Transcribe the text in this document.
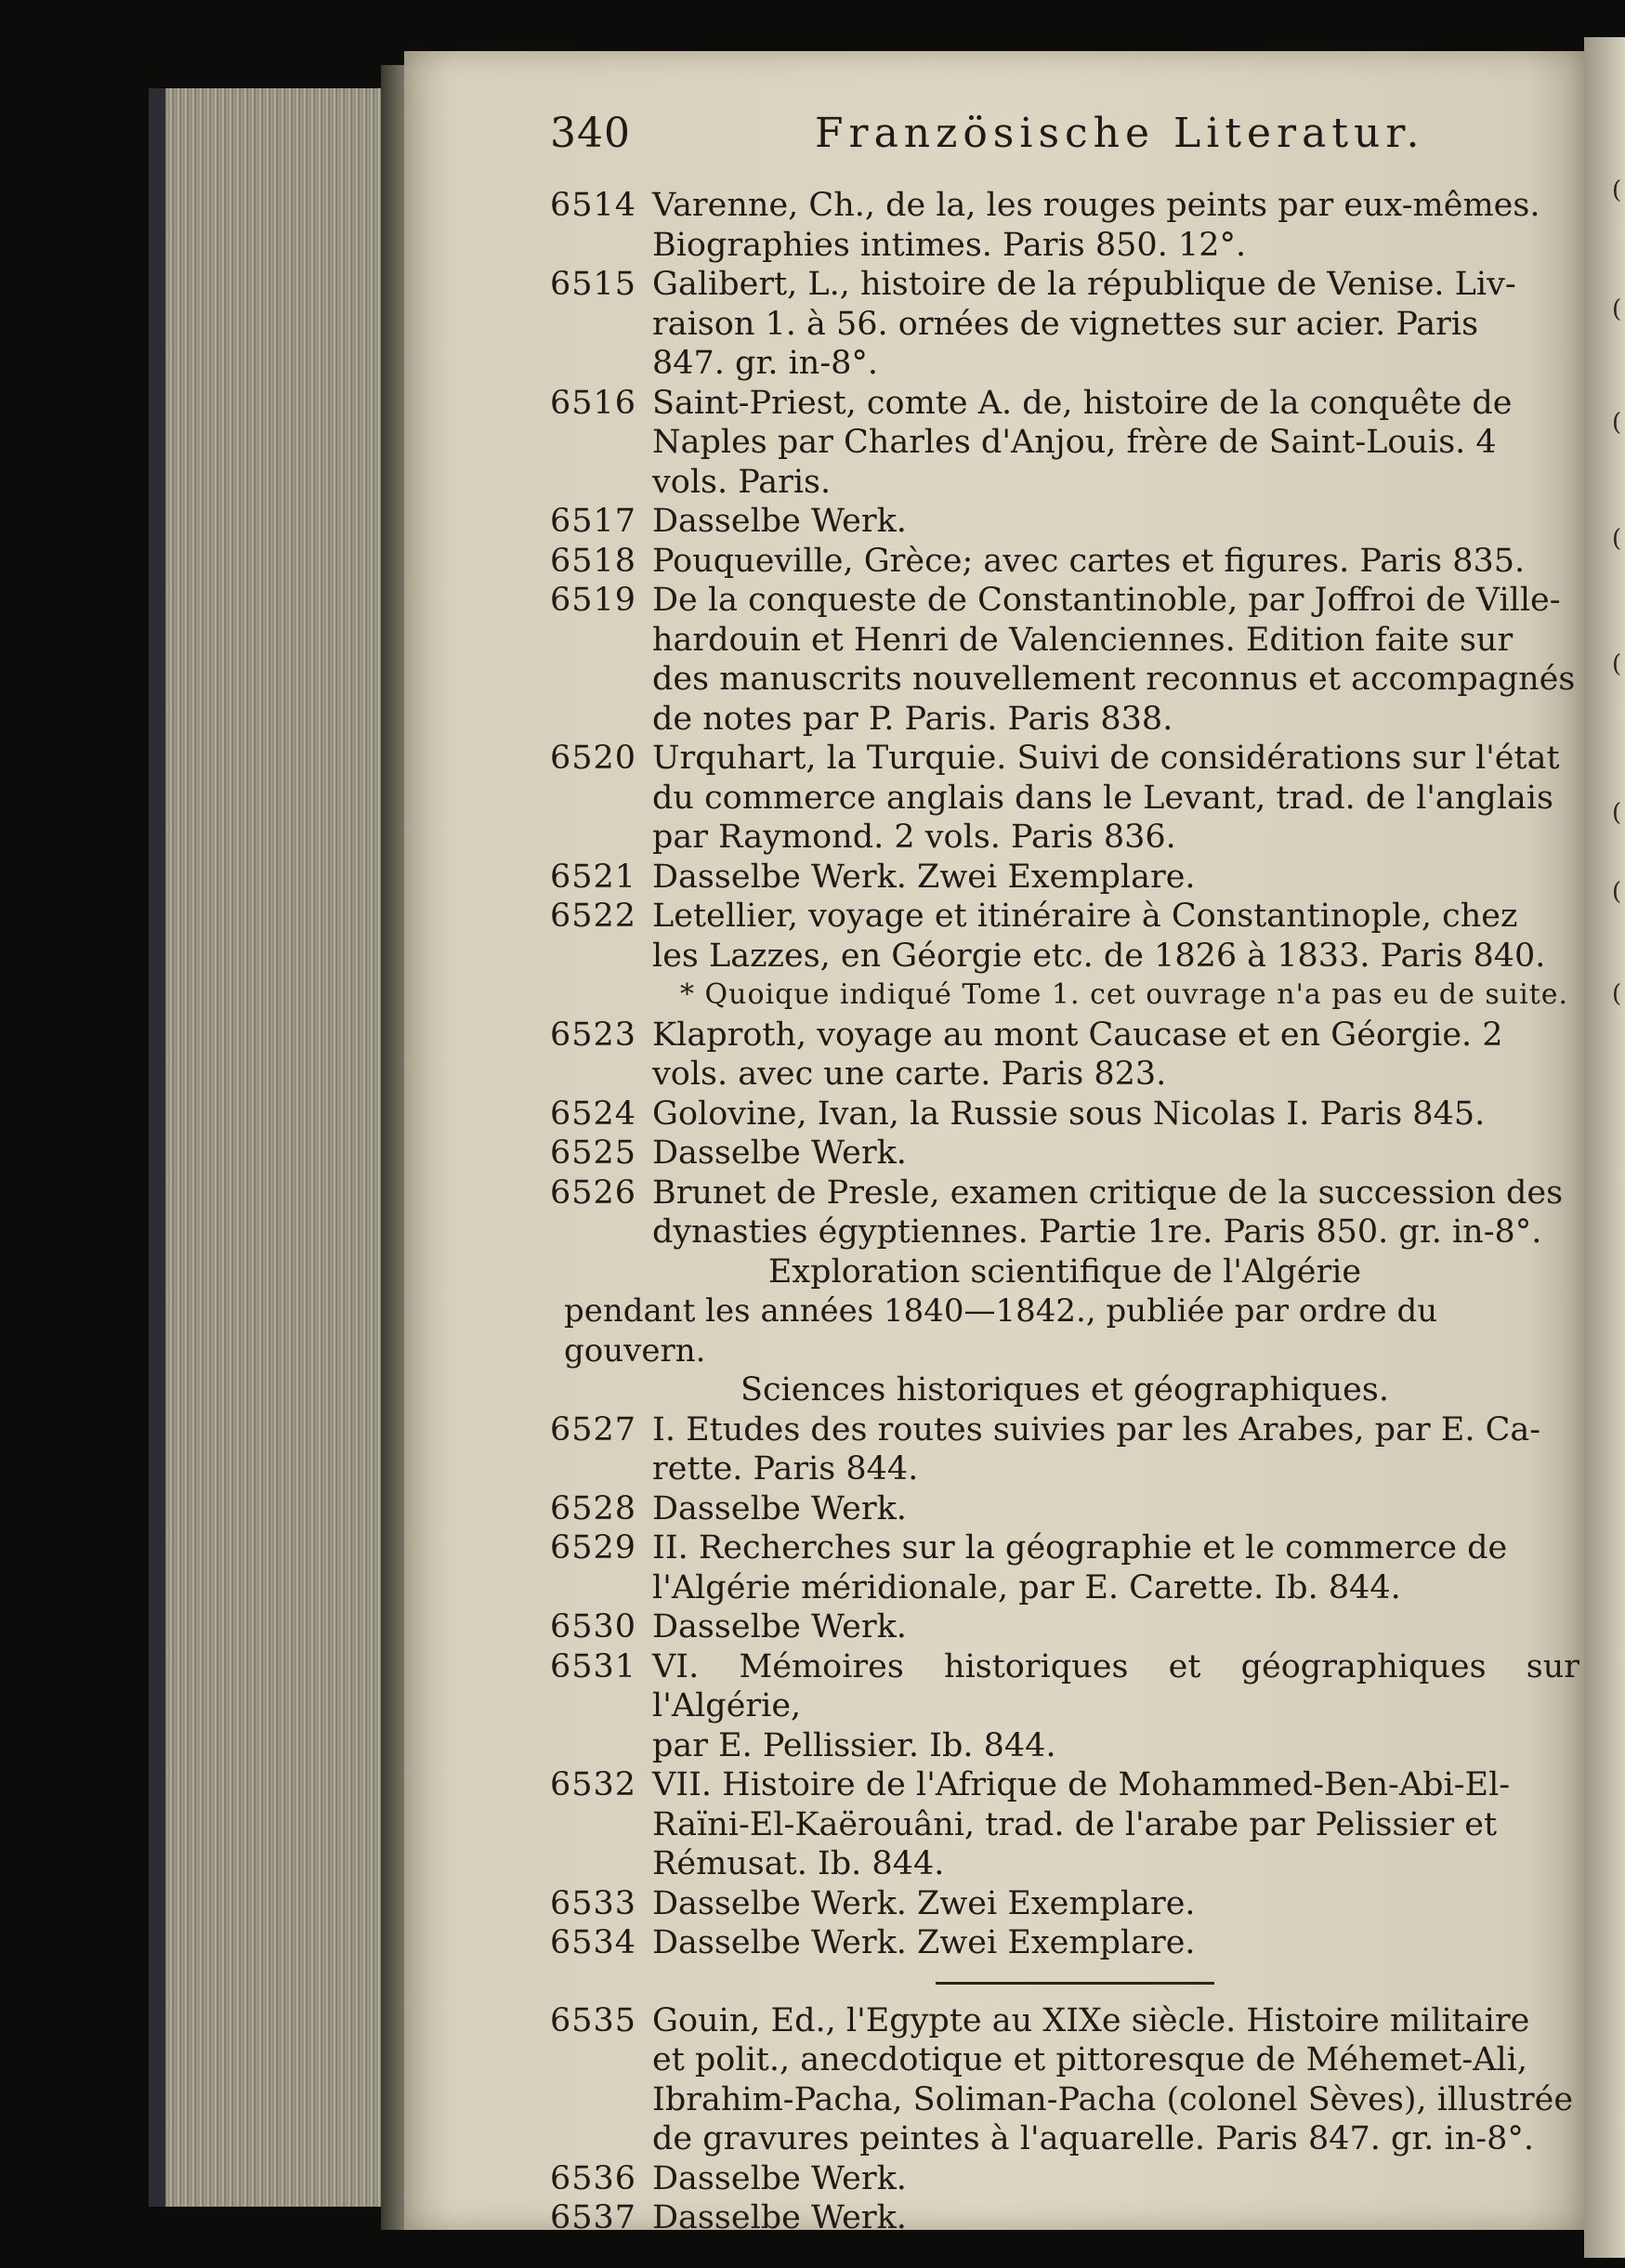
(
(
(
(
(
(
(
(
340	Französische Literatur.
6514 Varenne, Ch., de la, les rouges peints par eux-mêmes.
Biographies intimes. Paris 850. 12°.
6515 Galibert, L., histoire de la république de Venise. Liv-
raison 1. à 56. ornées de vignettes sur acier. Paris
847. gr. in-8°.
6516 Saint-Priest, comte A. de, histoire de la conquête de
Naples par Charles d'Anjou, frère de Saint-Louis. 4
vols. Paris.
6517 Dasselbe Werk.
6518 Pouqueville, Grèce; avec cartes et figures. Paris 835.
6519 De la conqueste de Constantinoble, par Joffroi de Ville-
hardouin et Henri de Valenciennes. Edition faite sur
des manuscrits nouvellement reconnus et accompagnés
de notes par P. Paris. Paris 838.
6520 Urquhart, la Turquie. Suivi de considérations sur l'état
du commerce anglais dans le Levant, trad. de l'anglais
par Raymond. 2 vols. Paris 836.
6521 Dasselbe Werk. Zwei Exemplare.
6522 Letellier, voyage et itinéraire à Constantinople, chez
les Lazzes, en Géorgie etc. de 1826 à 1833. Paris 840.
* Quoique indiqué Tome 1. cet ouvrage n'a pas eu de suite.
6523 Klaproth, voyage au mont Caucase et en Géorgie. 2
vols. avec une carte. Paris 823.
6524 Golovine, Ivan, la Russie sous Nicolas I. Paris 845.
6525 Dasselbe Werk.
6526 Brunet de Presle, examen critique de la succession des
dynasties égyptiennes. Partie 1re. Paris 850. gr. in-8°.
Exploration scientifique de l'Algérie
pendant les années 1840—1842., publiée par ordre du gouvern.
Sciences historiques et géographiques.
6527 I. Etudes des routes suivies par les Arabes, par E. Ca-
rette. Paris 844.
6528 Dasselbe Werk.
6529 II. Recherches sur la géographie et le commerce de
l'Algérie méridionale, par E. Carette. Ib. 844.
6530 Dasselbe Werk.
6531 VI. Mémoires historiques et géographiques sur l'Algérie,
par E. Pellissier. Ib. 844.
6532 VII. Histoire de l'Afrique de Mohammed-Ben-Abi-El-
Raïni-El-Kaërouâni, trad. de l'arabe par Pelissier et
Rémusat. Ib. 844.
6533 Dasselbe Werk. Zwei Exemplare.
6534 Dasselbe Werk. Zwei Exemplare.
6535 Gouin, Ed., l'Egypte au XIXe siècle. Histoire militaire
et polit., anecdotique et pittoresque de Méhemet-Ali,
Ibrahim-Pacha, Soliman-Pacha (colonel Sèves), illustrée
de gravures peintes à l'aquarelle. Paris 847. gr. in-8°.
6536 Dasselbe Werk.
6537 Dasselbe Werk.
